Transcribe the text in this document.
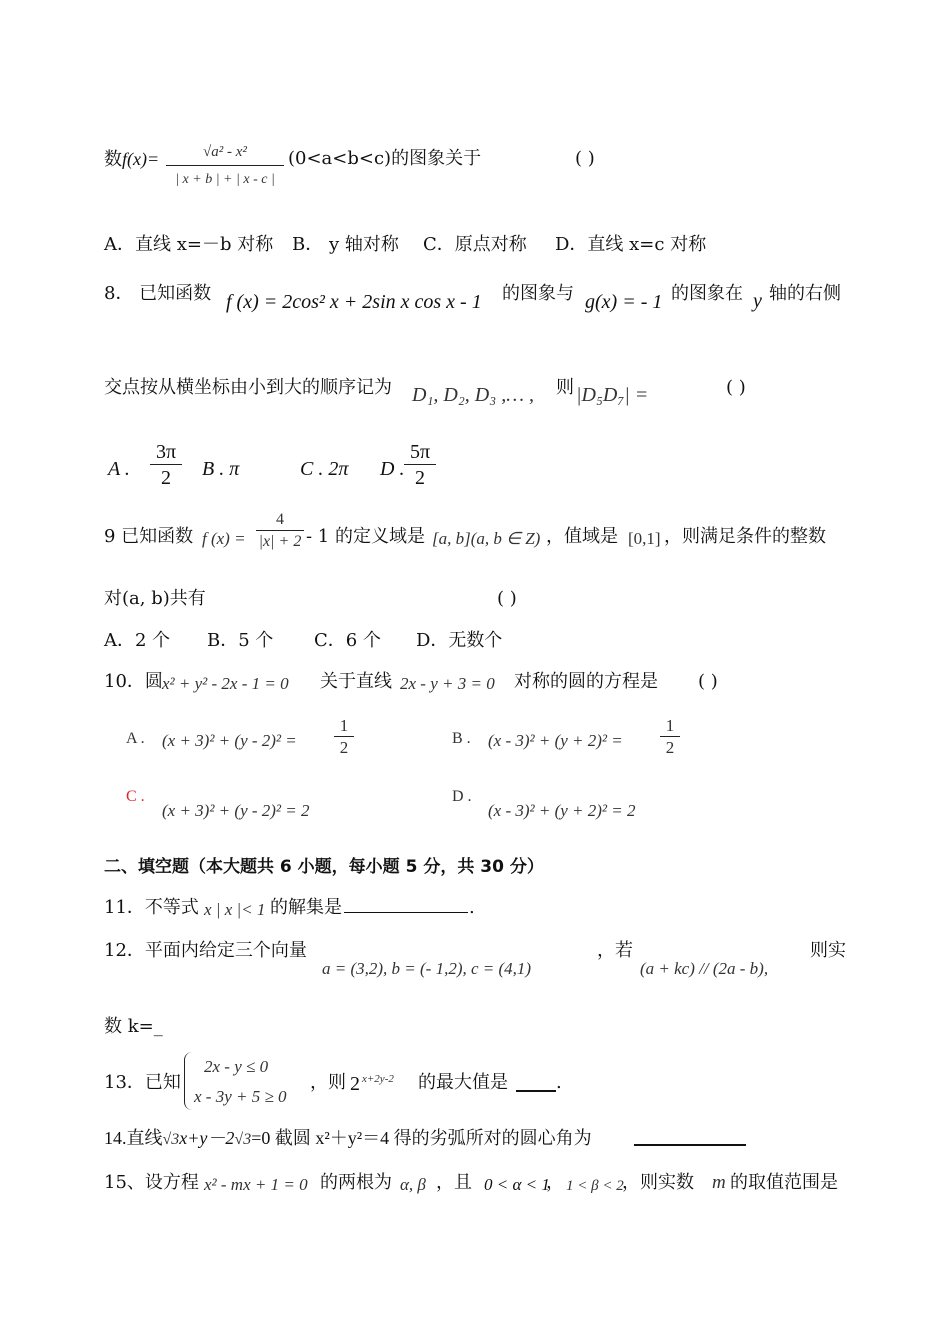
数$f(x)= \frac{\text{√a² - x²}}{| x + b | + | x - c |} (0<a<b<c)$的图象关于	( )
A．直线 x=－b 对称 B． y 轴对称 C．原点对称 D．直线 x=c 对称
8． 已知函数 f (x) = 2cos² x + 2sin x cos x - 1 的图象与 g(x) = - 1 的图象在 y 轴的右侧
交点按从横坐标由小到大的顺序记为 D₁, D₂, D₃ ,… , 则 |D₅D₇| =	( )
A . $\frac{3\pi}{2}$ B . π	C . 2π D . $\frac{5\pi}{2}$
9 已知函数 f $(x) = \frac{4}{|x| + 2} - 1$ 的定义域是 [a, b](a, b ∈ Z) ，值域是 [0,1] ，则满足条件的整数
对(a, b)共有	( )
A．2 个 B．5 个 C．6 个 D．无数个
10．圆 x² + y² - 2x - 1 = 0 关于直线 2x - y + 3 = 0 对称的圆的方程是 ( )
A . $(x + 3)^2 + (y - 2)^2 = \frac{1}{2}$	B . $(x - 3)^2 + (y + 2)^2 = \frac{1}{2}$
C .
(x + 3)² + (y - 2)² = 2
D .
(x - 3)² + (y + 2)² = 2
二、填空题（本大题共 6 小题，每小题 5 分，共 30 分）
11．不等式 x | x |< 1 的解集是	.
12．平面内给定三个向量
a = (3,2), b = (- 1,2), c = (4,1)
，若
(a + kc) // (2a - b),
则实
数 k=_
13．已知
2x - y ≤ 0
x - 3y + 5 ≥ 0
，则 2 x+2y-2 的最大值是	.
14.直线√3x+y－2√3=0 截圆 x²＋y²＝4 得的劣弧所对的圆心角为
15、设方程 x² - mx + 1 = 0 的两根为 α, β ，且 0 < α < 1
， 1 < β < 2
，则实数 m 的取值范围是
